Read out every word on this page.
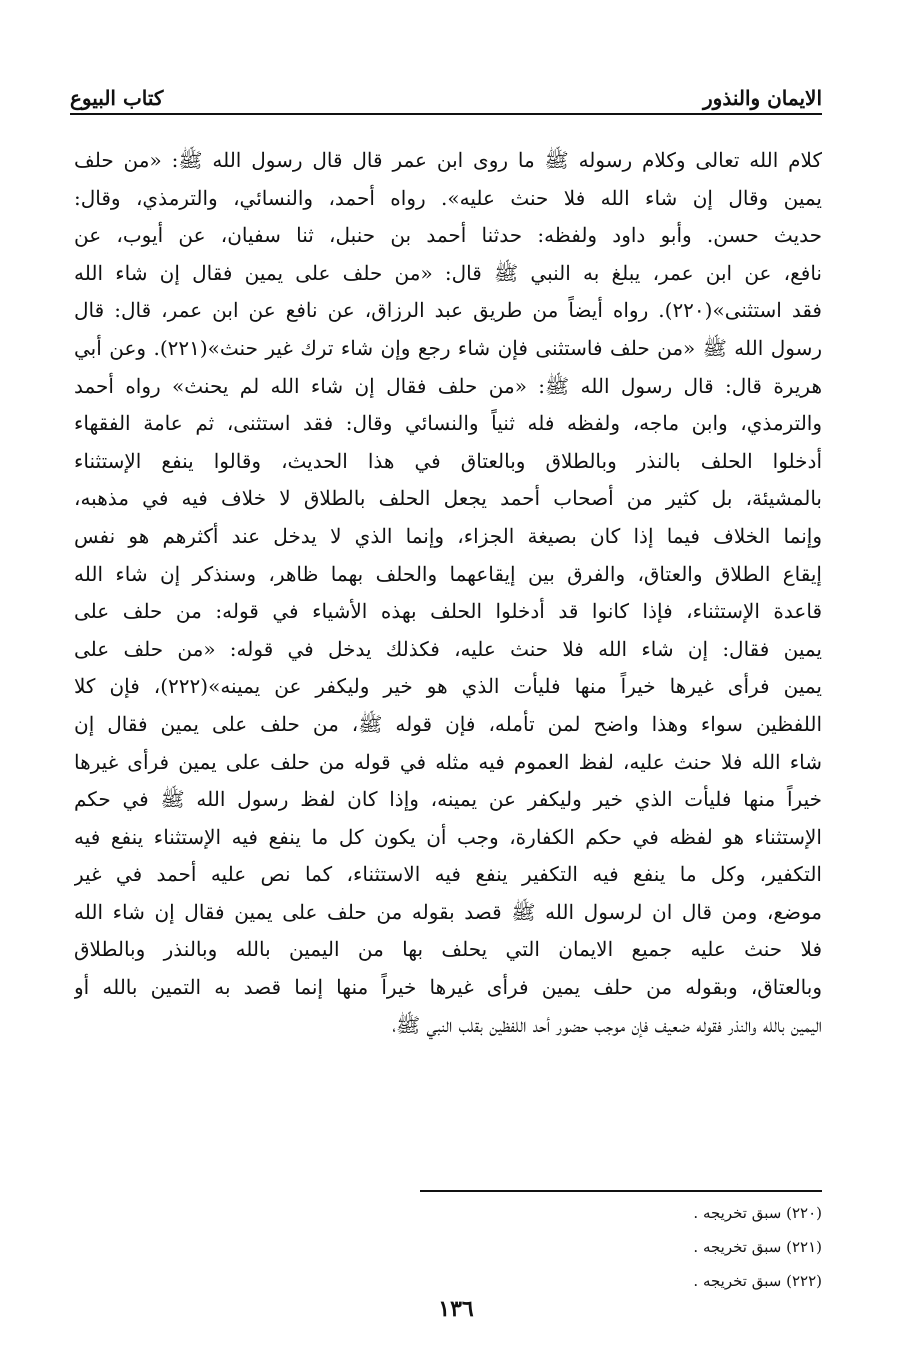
الايمان والنذور
كتاب البيوع
كلام الله تعالى وكلام رسوله ﷺ ما روى ابن عمر قال قال رسول الله ﷺ: «من حلف
يمين وقال إن شاء الله فلا حنث عليه». رواه أحمد، والنسائي، والترمذي، وقال:
حديث حسن. وأبو داود ولفظه: حدثنا أحمد بن حنبل، ثنا سفيان، عن أيوب، عن
نافع، عن ابن عمر، يبلغ به النبي ﷺ قال: «من حلف على يمين فقال إن شاء الله
فقد استثنى»(٢٢٠). رواه أيضاً من طريق عبد الرزاق، عن نافع عن ابن عمر، قال: قال
رسول الله ﷺ «من حلف فاستثنى فإن شاء رجع وإن شاء ترك غير حنث»(٢٢١). وعن أبي
هريرة قال: قال رسول الله ﷺ: «من حلف فقال إن شاء الله لم يحنث» رواه أحمد
والترمذي، وابن ماجه، ولفظه فله ثنياً والنسائي وقال: فقد استثنى، ثم عامة الفقهاء
أدخلوا الحلف بالنذر وبالطلاق وبالعتاق في هذا الحديث، وقالوا ينفع الإستثناء
بالمشيئة، بل كثير من أصحاب أحمد يجعل الحلف بالطلاق لا خلاف فيه في مذهبه،
وإنما الخلاف فيما إذا كان بصيغة الجزاء، وإنما الذي لا يدخل عند أكثرهم هو نفس
إيقاع الطلاق والعتاق، والفرق بين إيقاعهما والحلف بهما ظاهر، وسنذكر إن شاء الله
قاعدة الإستثناء، فإذا كانوا قد أدخلوا الحلف بهذه الأشياء في قوله: من حلف على
يمين فقال: إن شاء الله فلا حنث عليه، فكذلك يدخل في قوله: «من حلف على
يمين فرأى غيرها خيراً منها فليأت الذي هو خير وليكفر عن يمينه»(٢٢٢)، فإن كلا
اللفظين سواء وهذا واضح لمن تأمله، فإن قوله ﷺ، من حلف على يمين فقال إن
شاء الله فلا حنث عليه، لفظ العموم فيه مثله في قوله من حلف على يمين فرأى غيرها
خيراً منها فليأت الذي خير وليكفر عن يمينه، وإذا كان لفظ رسول الله ﷺ في حكم
الإستثناء هو لفظه في حكم الكفارة، وجب أن يكون كل ما ينفع فيه الإستثناء ينفع فيه
التكفير، وكل ما ينفع فيه التكفير ينفع فيه الاستثناء، كما نص عليه أحمد في غير
موضع، ومن قال ان لرسول الله ﷺ قصد بقوله من حلف على يمين فقال إن شاء الله
فلا حنث عليه جميع الايمان التي يحلف بها من اليمين بالله وبالنذر وبالطلاق
وبالعتاق، وبقوله من حلف يمين فرأى غيرها خيراً منها إنما قصد به التمين بالله أو
اليمين بالله والنذر فقوله ضعيف فإن موجب حضور أحد اللفظين بقلب النبي ﷺ،
(٢٢٠) سبق تخريجه .
(٢٢١) سبق تخريجه .
(٢٢٢) سبق تخريجه .
١٣٦
